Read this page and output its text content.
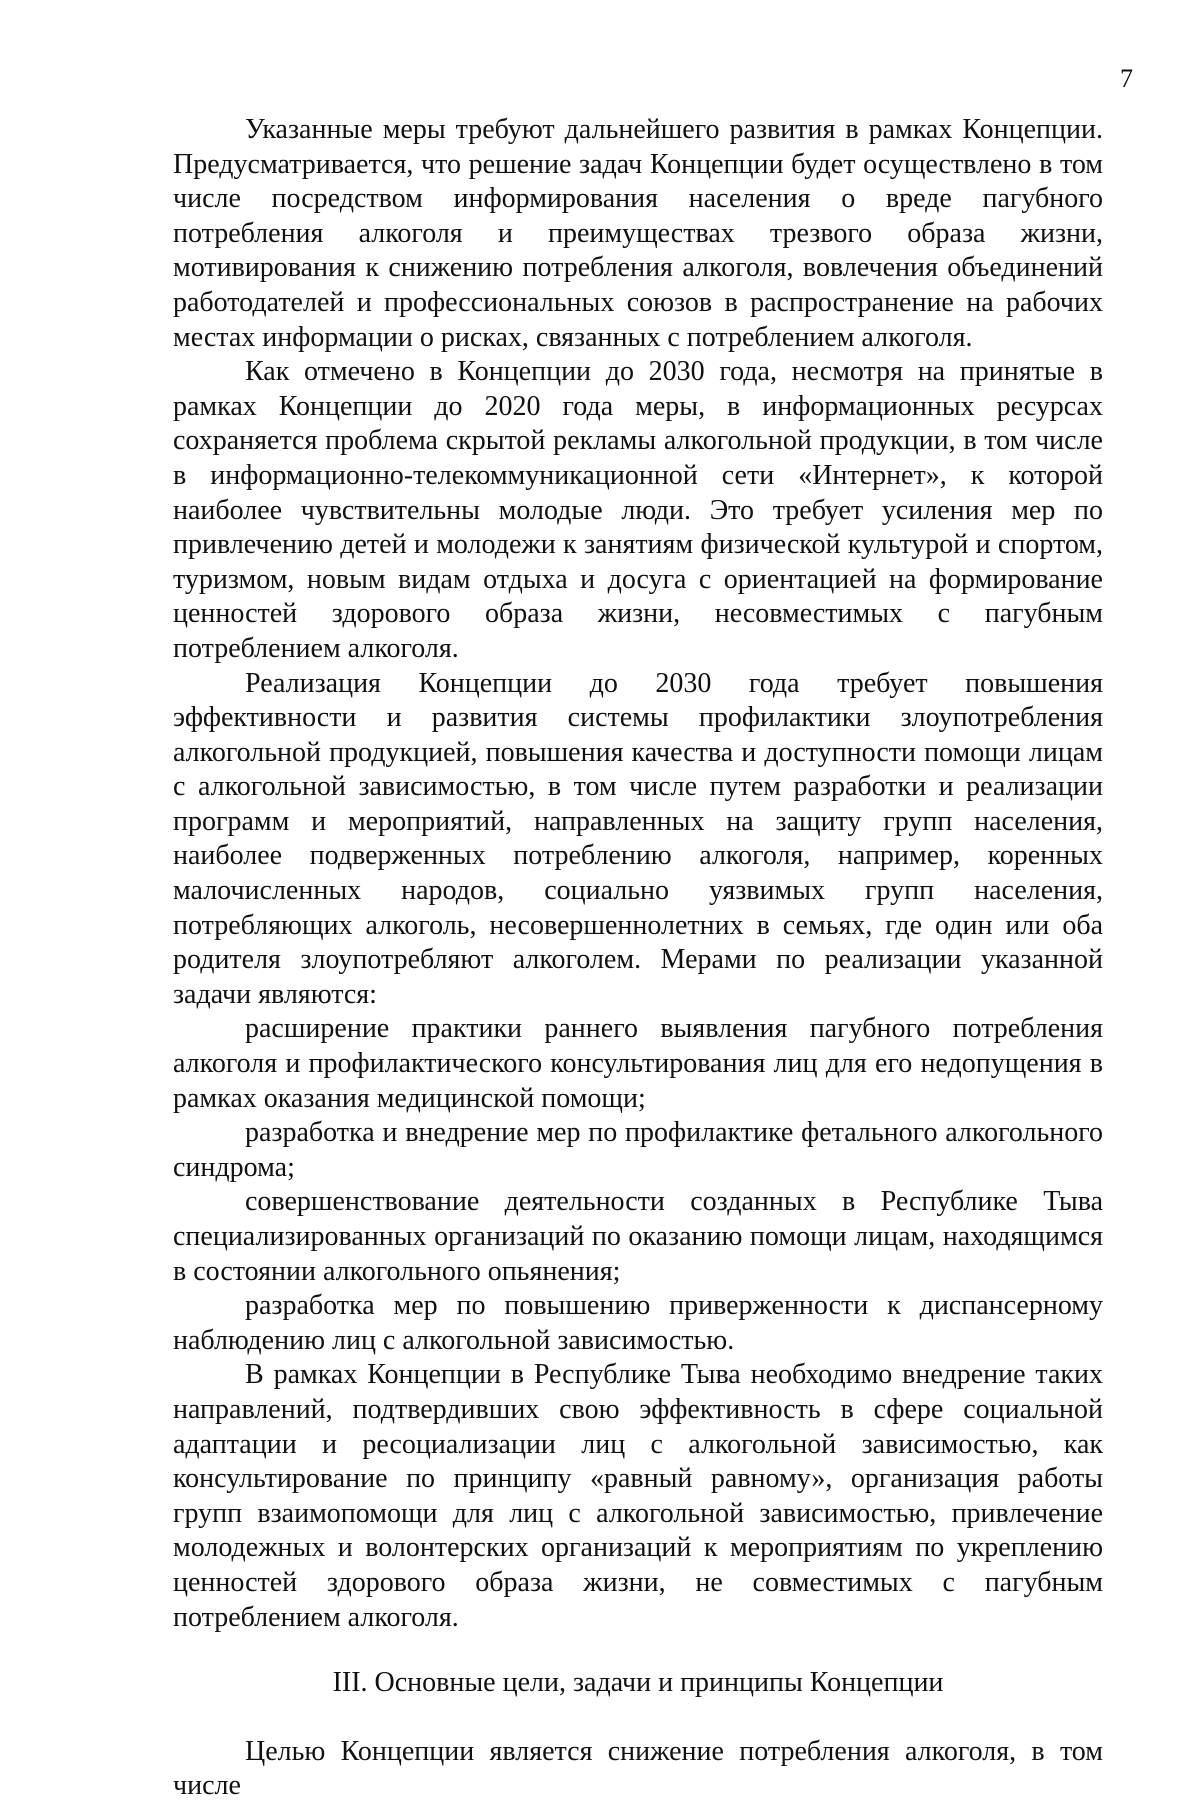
7

Указанные меры требуют дальнейшего развития в рамках Концепции. Предусматривается, что решение задач Концепции будет осуществлено в том числе посредством информирования населения о вреде пагубного потребления алкоголя и преимуществах трезвого образа жизни, мотивирования к снижению потребления алкоголя, вовлечения объединений работодателей и профессиональных союзов в распространение на рабочих местах информации о рисках, связанных с потреблением алкоголя.

Как отмечено в Концепции до 2030 года, несмотря на принятые в рамках Концепции до 2020 года меры, в информационных ресурсах сохраняется проблема скрытой рекламы алкогольной продукции, в том числе в информационно-телекоммуникационной сети «Интернет», к которой наиболее чувствительны молодые люди. Это требует усиления мер по привлечению детей и молодежи к занятиям физической культурой и спортом, туризмом, новым видам отдыха и досуга с ориентацией на формирование ценностей здорового образа жизни, несовместимых с пагубным потреблением алкоголя.

Реализация Концепции до 2030 года требует повышения эффективности и развития системы профилактики злоупотребления алкогольной продукцией, повышения качества и доступности помощи лицам с алкогольной зависимостью, в том числе путем разработки и реализации программ и мероприятий, направленных на защиту групп населения, наиболее подверженных потреблению алкоголя, например, коренных малочисленных народов, социально уязвимых групп населения, потребляющих алкоголь, несовершеннолетних в семьях, где один или оба родителя злоупотребляют алкоголем. Мерами по реализации указанной задачи являются:

расширение практики раннего выявления пагубного потребления алкоголя и профилактического консультирования лиц для его недопущения в рамках оказания медицинской помощи;

разработка и внедрение мер по профилактике фетального алкогольного синдрома;

совершенствование деятельности созданных в Республике Тыва специализированных организаций по оказанию помощи лицам, находящимся в состоянии алкогольного опьянения;

разработка мер по повышению приверженности к диспансерному наблюдению лиц с алкогольной зависимостью.

В рамках Концепции в Республике Тыва необходимо внедрение таких направлений, подтвердивших свою эффективность в сфере социальной адаптации и ресоциализации лиц с алкогольной зависимостью, как консультирование по принципу «равный равному», организация работы групп взаимопомощи для лиц с алкогольной зависимостью, привлечение молодежных и волонтерских организаций к мероприятиям по укреплению ценностей здорового образа жизни, не совместимых с пагубным потреблением алкоголя.

III. Основные цели, задачи и принципы Концепции

Целью Концепции является снижение потребления алкоголя, в том числе
